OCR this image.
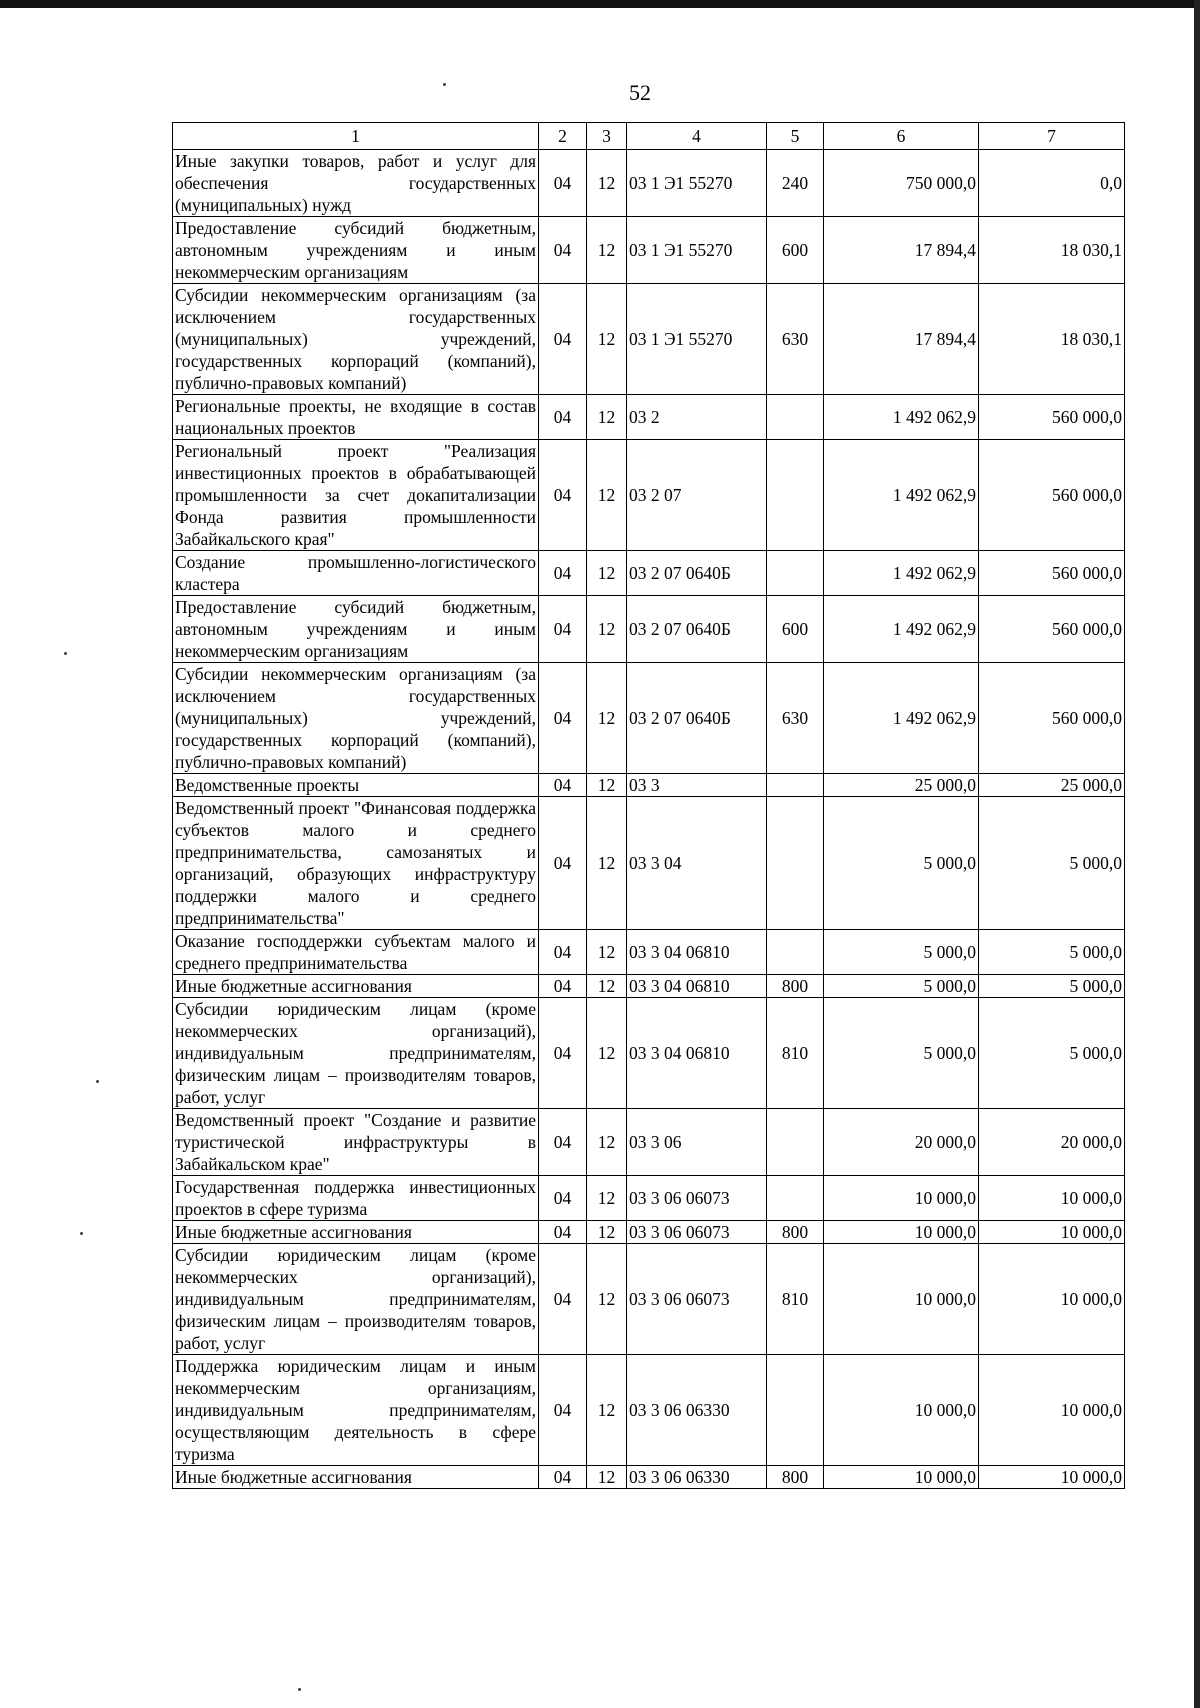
52
1	2	3	4	5	6	7
Иные закупки товаров, работ и услуг для обеспечения государственных (муниципальных) нужд	04	12	03 1 Э1 55270	240	750 000,0	0,0
Предоставление субсидий бюджетным, автономным учреждениям и иным некоммерческим организациям	04	12	03 1 Э1 55270	600	17 894,4	18 030,1
Субсидии некоммерческим организациям (за исключением государственных (муниципальных) учреждений, государственных корпораций (компаний), публично-правовых компаний)	04	12	03 1 Э1 55270	630	17 894,4	18 030,1
Региональные проекты, не входящие в состав национальных проектов	04	12	03 2		1 492 062,9	560 000,0
Региональный проект "Реализация инвестиционных проектов в обрабатывающей промышленности за счет докапитализации Фонда развития промышленности Забайкальского края"	04	12	03 2 07		1 492 062,9	560 000,0
Создание промышленно-логистического кластера	04	12	03 2 07 0640Б		1 492 062,9	560 000,0
Предоставление субсидий бюджетным, автономным учреждениям и иным некоммерческим организациям	04	12	03 2 07 0640Б	600	1 492 062,9	560 000,0
Субсидии некоммерческим организациям (за исключением государственных (муниципальных) учреждений, государственных корпораций (компаний), публично-правовых компаний)	04	12	03 2 07 0640Б	630	1 492 062,9	560 000,0
Ведомственные проекты	04	12	03 3		25 000,0	25 000,0
Ведомственный проект "Финансовая поддержка субъектов малого и среднего предпринимательства, самозанятых и организаций, образующих инфраструктуру поддержки малого и среднего предпринимательства"	04	12	03 3 04		5 000,0	5 000,0
Оказание господдержки субъектам малого и среднего предпринимательства	04	12	03 3 04 06810		5 000,0	5 000,0
Иные бюджетные ассигнования	04	12	03 3 04 06810	800	5 000,0	5 000,0
Субсидии юридическим лицам (кроме некоммерческих организаций), индивидуальным предпринимателям, физическим лицам – производителям товаров, работ, услуг	04	12	03 3 04 06810	810	5 000,0	5 000,0
Ведомственный проект "Создание и развитие туристической инфраструктуры в Забайкальском крае"	04	12	03 3 06		20 000,0	20 000,0
Государственная поддержка инвестиционных проектов в сфере туризма	04	12	03 3 06 06073		10 000,0	10 000,0
Иные бюджетные ассигнования	04	12	03 3 06 06073	800	10 000,0	10 000,0
Субсидии юридическим лицам (кроме некоммерческих организаций), индивидуальным предпринимателям, физическим лицам – производителям товаров, работ, услуг	04	12	03 3 06 06073	810	10 000,0	10 000,0
Поддержка юридическим лицам и иным некоммерческим организациям, индивидуальным предпринимателям, осуществляющим деятельность в сфере туризма	04	12	03 3 06 06330		10 000,0	10 000,0
Иные бюджетные ассигнования	04	12	03 3 06 06330	800	10 000,0	10 000,0
